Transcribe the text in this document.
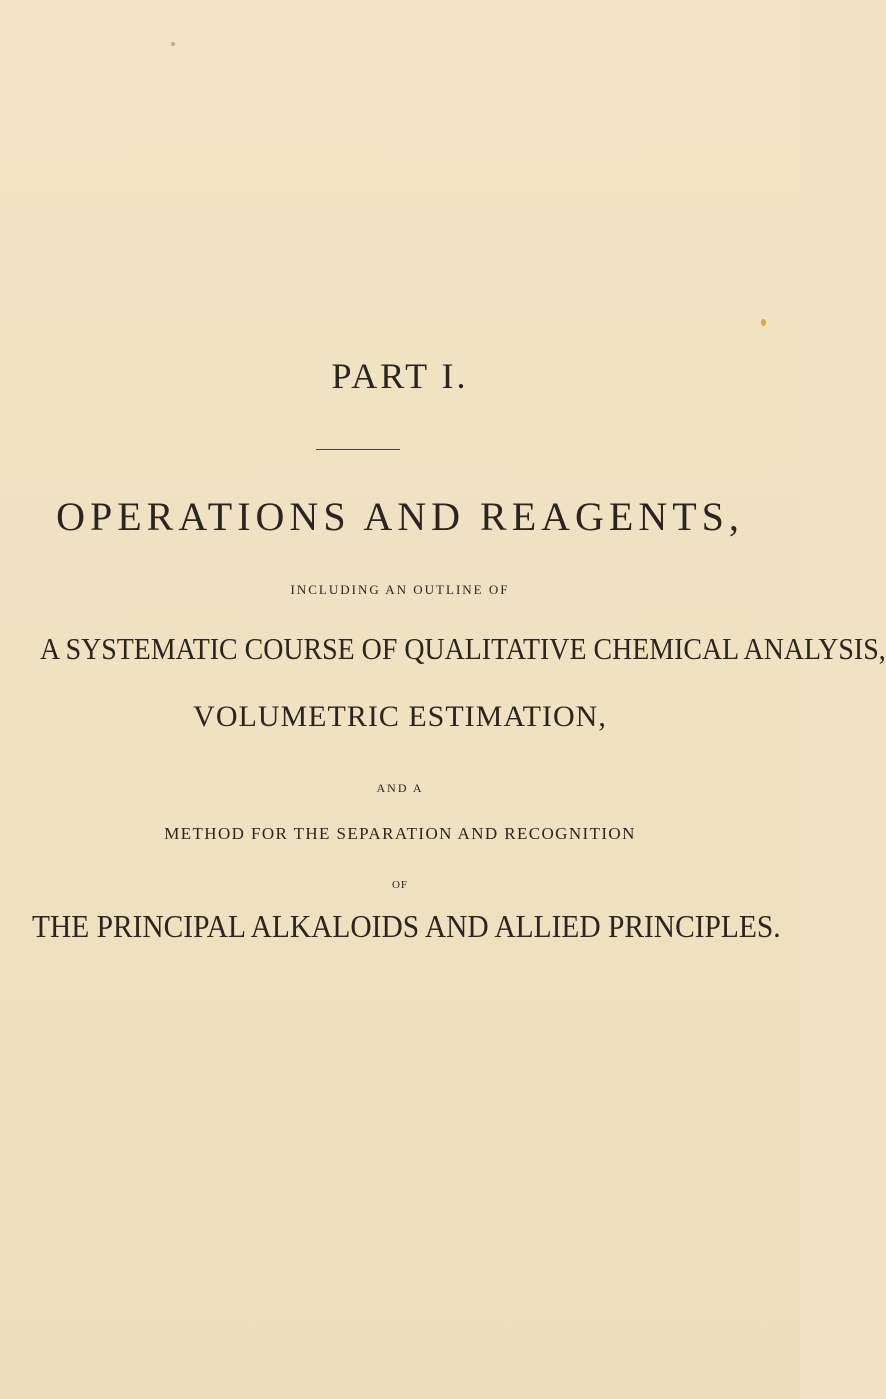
PART I.
OPERATIONS AND REAGENTS,
INCLUDING AN OUTLINE OF
A SYSTEMATIC COURSE OF QUALITATIVE CHEMICAL ANALYSIS,
VOLUMETRIC ESTIMATION,
AND A
METHOD FOR THE SEPARATION AND RECOGNITION
OF
THE PRINCIPAL ALKALOIDS AND ALLIED PRINCIPLES.
